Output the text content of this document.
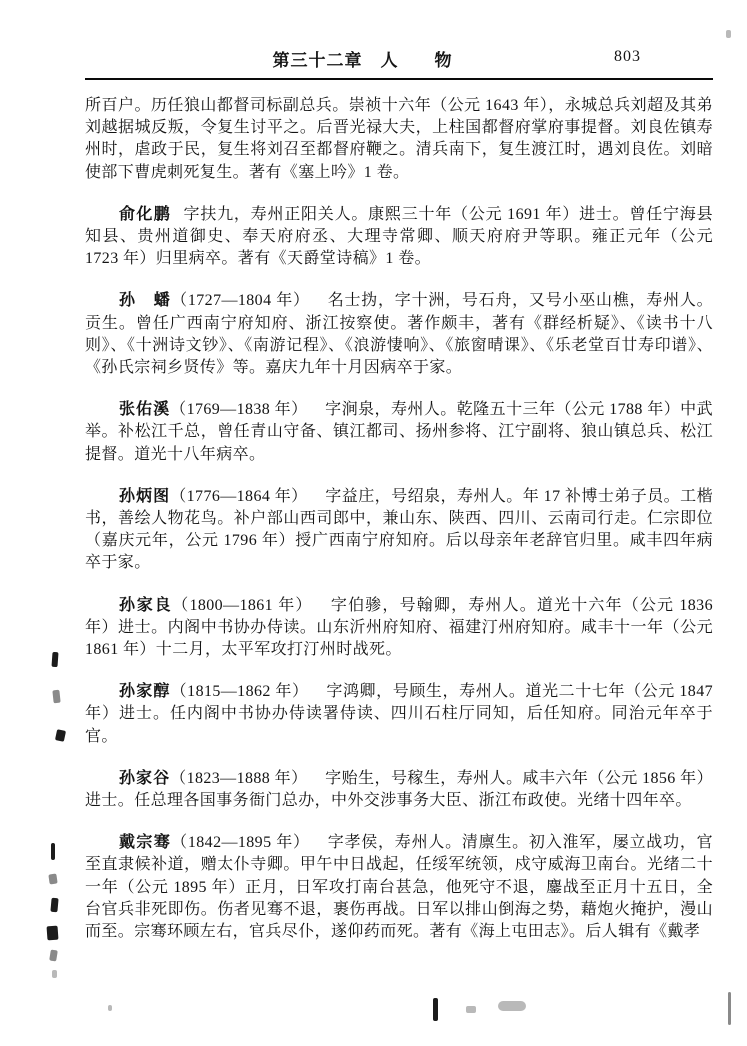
第三十二章　人　　物	803

所百户。历任狼山都督司标副总兵。崇祯十六年（公元 1643 年），永城总兵刘超及其弟刘越据城反叛，令复生讨平之。后晋光禄大夫，上柱国都督府掌府事提督。刘良佐镇寿州时，虐政于民，复生将刘召至都督府鞭之。清兵南下，复生渡江时，遇刘良佐。刘暗使部下曹虎刺死复生。著有《塞上吟》1 卷。

俞化鹏 字扶九，寿州正阳关人。康熙三十年（公元 1691 年）进士。曾任宁海县知县、贵州道御史、奉天府府丞、大理寺常卿、顺天府府尹等职。雍正元年（公元 1723 年）归里病卒。著有《天爵堂诗稿》1 卷。

孙　蟠（1727—1804 年） 名士㧑，字十洲，号石舟，又号小巫山樵，寿州人。贡生。曾任广西南宁府知府、浙江按察使。著作颇丰，著有《群经析疑》、《读书十八则》、《十洲诗文钞》、《南游记程》、《浪游悽响》、《旅窗晴课》、《乐老堂百廿寿印谱》、《孙氏宗祠乡贤传》等。嘉庆九年十月因病卒于家。

张佑溪（1769—1838 年） 字涧泉，寿州人。乾隆五十三年（公元 1788 年）中武举。补松江千总，曾任青山守备、镇江都司、扬州参将、江宁副将、狼山镇总兵、松江提督。道光十八年病卒。

孙炳图（1776—1864 年） 字益庄，号绍泉，寿州人。年 17 补博士弟子员。工楷书，善绘人物花鸟。补户部山西司郎中，兼山东、陕西、四川、云南司行走。仁宗即位（嘉庆元年，公元 1796 年）授广西南宁府知府。后以母亲年老辞官归里。咸丰四年病卒于家。

孙家良（1800—1861 年） 字伯骖，号翰卿，寿州人。道光十六年（公元 1836 年）进士。内阁中书协办侍读。山东沂州府知府、福建汀州府知府。咸丰十一年（公元 1861 年）十二月，太平军攻打汀州时战死。

孙家醇（1815—1862 年） 字鸿卿，号顾生，寿州人。道光二十七年（公元 1847 年）进士。任内阁中书协办侍读署侍读、四川石柱厅同知，后任知府。同治元年卒于官。

孙家谷（1823—1888 年） 字贻生，号稼生，寿州人。咸丰六年（公元 1856 年）进士。任总理各国事务衙门总办，中外交涉事务大臣、浙江布政使。光绪十四年卒。

戴宗骞（1842—1895 年） 字孝侯，寿州人。清廪生。初入淮军，屡立战功，官至直隶候补道，赠太仆寺卿。甲午中日战起，任绥军统领，戍守威海卫南台。光绪二十一年（公元 1895 年）正月，日军攻打南台甚急，他死守不退，鏖战至正月十五日，全台官兵非死即伤。伤者见骞不退，裹伤再战。日军以排山倒海之势，藉炮火掩护，漫山而至。宗骞环顾左右，官兵尽仆，遂仰药而死。著有《海上屯田志》。后人辑有《戴孝
